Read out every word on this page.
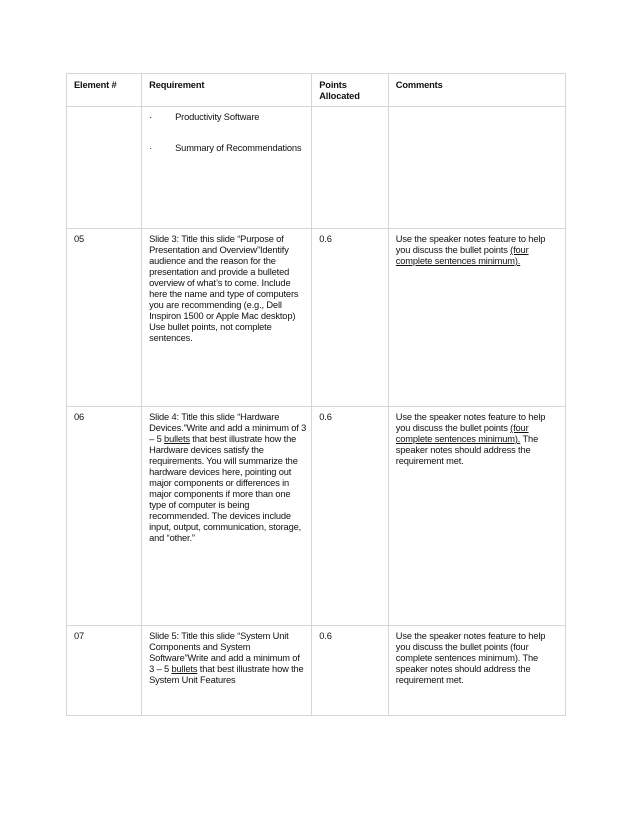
Element #	Requirement	Points Allocated	Comments

	· Productivity Software
· Summary of Recommendations		

05	Slide 3: Title this slide “Purpose of Presentation and Overview”Identify audience and the reason for the presentation and provide a bulleted overview of what’s to come. Include here the name and type of computers you are recommending (e.g., Dell Inspiron 1500 or Apple Mac desktop) Use bullet points, not complete sentences.	0.6	Use the speaker notes feature to help you discuss the bullet points (four complete sentences minimum).
06	Slide 4: Title this slide “Hardware Devices.”Write and add a minimum of 3 – 5 bullets that best illustrate how the Hardware devices satisfy the requirements. You will summarize the hardware devices here, pointing out major components or differences in major components if more than one type of computer is being recommended. The devices include input, output, communication, storage, and “other.”	0.6	Use the speaker notes feature to help you discuss the bullet points (four complete sentences minimum). The speaker notes should address the requirement met.
07	Slide 5: Title this slide “System Unit Components and System Software”Write and add a minimum of 3 – 5 bullets that best illustrate how the System Unit Features	0.6	Use the speaker notes feature to help you discuss the bullet points (four complete sentences minimum). The speaker notes should address the requirement met.
